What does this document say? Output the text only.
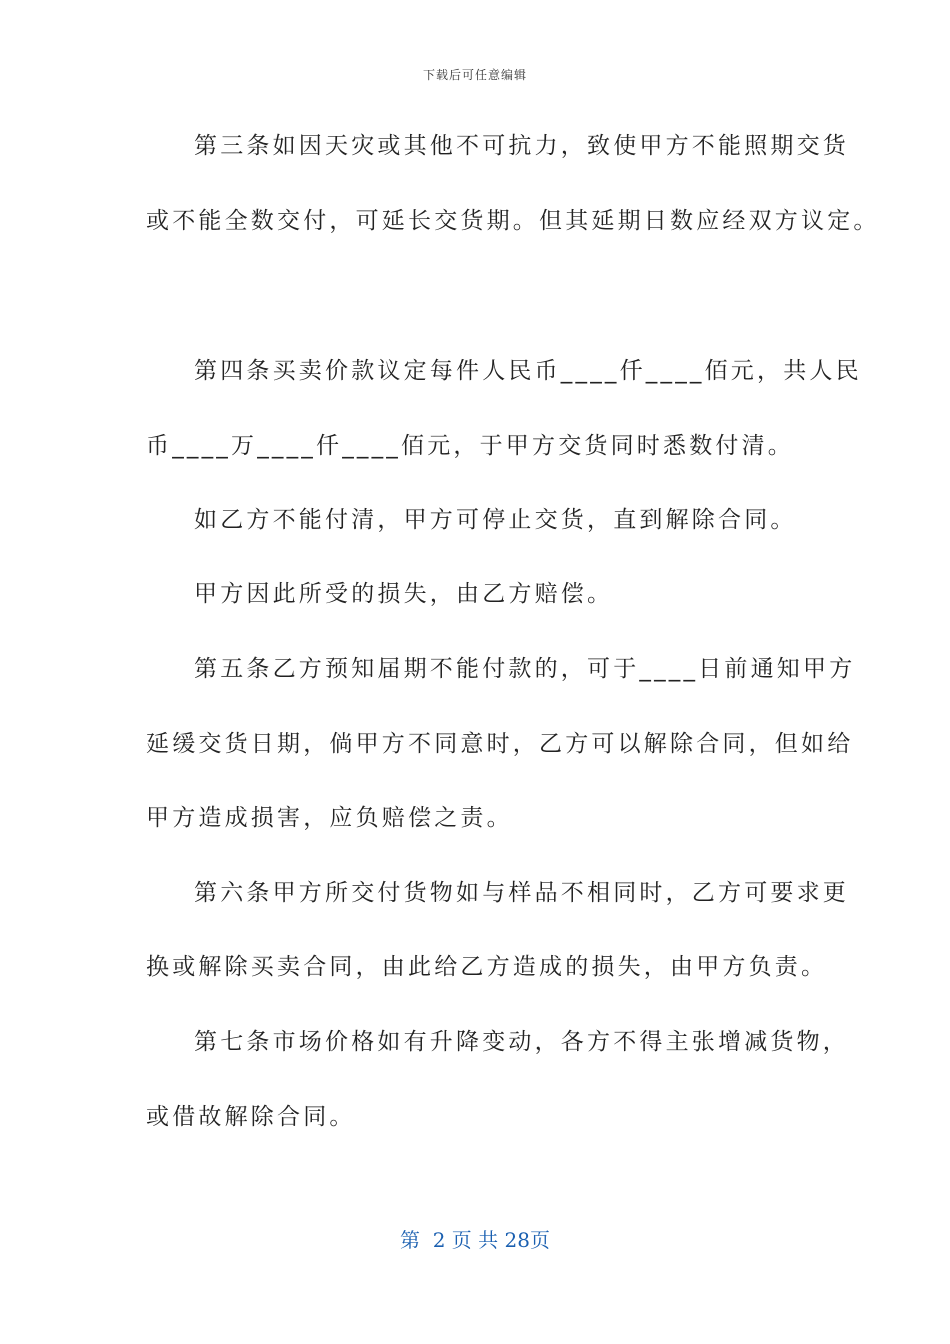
下载后可任意编辑
第三条如因天灾或其他不可抗力，致使甲方不能照期交货
或不能全数交付，可延长交货期。但其延期日数应经双方议定。
第四条买卖价款议定每件人民币____仟____佰元，共人民
币____万____仟____佰元，于甲方交货同时悉数付清。
如乙方不能付清，甲方可停止交货，直到解除合同。
甲方因此所受的损失，由乙方赔偿。
第五条乙方预知届期不能付款的，可于____日前通知甲方
延缓交货日期，倘甲方不同意时，乙方可以解除合同，但如给
甲方造成损害，应负赔偿之责。
第六条甲方所交付货物如与样品不相同时，乙方可要求更
换或解除买卖合同，由此给乙方造成的损失，由甲方负责。
第七条市场价格如有升降变动，各方不得主张增减货物，
或借故解除合同。
第  2 页 共 28页
